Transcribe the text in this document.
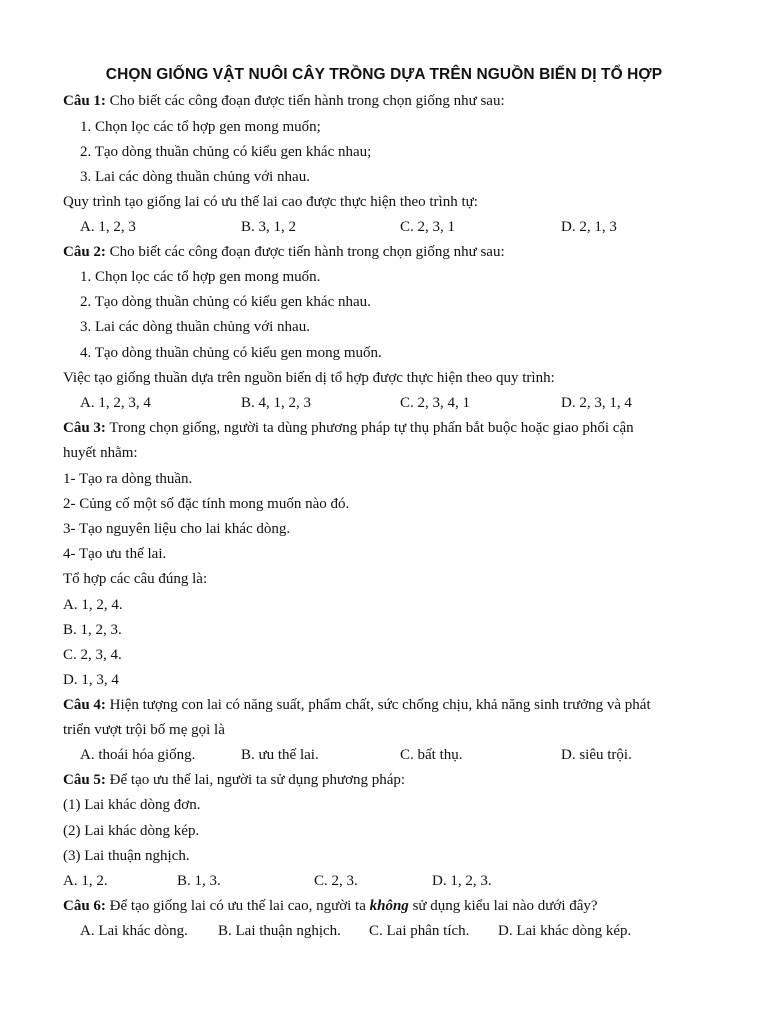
CHỌN GIỐNG VẬT NUÔI CÂY TRỒNG DỰA TRÊN NGUỒN BIẾN DỊ TỔ HỢP
Câu 1: Cho biết các công đoạn được tiến hành trong chọn giống như sau:
1. Chọn lọc các tổ hợp gen mong muốn;
2. Tạo dòng thuần chủng có kiểu gen khác nhau;
3. Lai các dòng thuần chủng với nhau.
Quy trình tạo giống lai có ưu thế lai cao được thực hiện theo trình tự:
A. 1, 2, 3	B. 3, 1, 2	C. 2, 3, 1	D. 2, 1, 3
Câu 2: Cho biết các công đoạn được tiến hành trong chọn giống như sau:
1. Chọn lọc các tổ hợp gen mong muốn.
2. Tạo dòng thuần chủng có kiểu gen khác nhau.
3. Lai các dòng thuần chủng với nhau.
4. Tạo dòng thuần chủng có kiểu gen mong muốn.
Việc tạo giống thuần dựa trên nguồn biến dị tổ hợp được thực hiện theo quy trình:
A. 1, 2, 3, 4	B. 4, 1, 2, 3	C. 2, 3, 4, 1	D. 2, 3, 1, 4
Câu 3: Trong chọn giống, người ta dùng phương pháp tự thụ phấn bắt buộc hoặc giao phối cận
huyết nhằm:
1- Tạo ra dòng thuần.
2- Củng cố một số đặc tính mong muốn nào đó.
3- Tạo nguyên liệu cho lai khác dòng.
4- Tạo ưu thế lai.
Tổ hợp các câu đúng là:
A. 1, 2, 4.
B. 1, 2, 3.
C. 2, 3, 4.
D. 1, 3, 4
Câu 4: Hiện tượng con lai có năng suất, phẩm chất, sức chống chịu, khả năng sinh trưởng và phát
triển vượt trội bố mẹ gọi là
A. thoái hóa giống.	B. ưu thế lai.	C. bất thụ.	D. siêu trội.
Câu 5: Để tạo ưu thế lai, người ta sử dụng phương pháp:
(1) Lai khác dòng đơn.
(2) Lai khác dòng kép.
(3) Lai thuận nghịch.
A. 1, 2.	B. 1, 3.	C. 2, 3.	D. 1, 2, 3.
Câu 6: Để tạo giống lai có ưu thế lai cao, người ta không sử dụng kiểu lai nào dưới đây?
A. Lai khác dòng. B. Lai thuận nghịch. C. Lai phân tích. D. Lai khác dòng kép.
